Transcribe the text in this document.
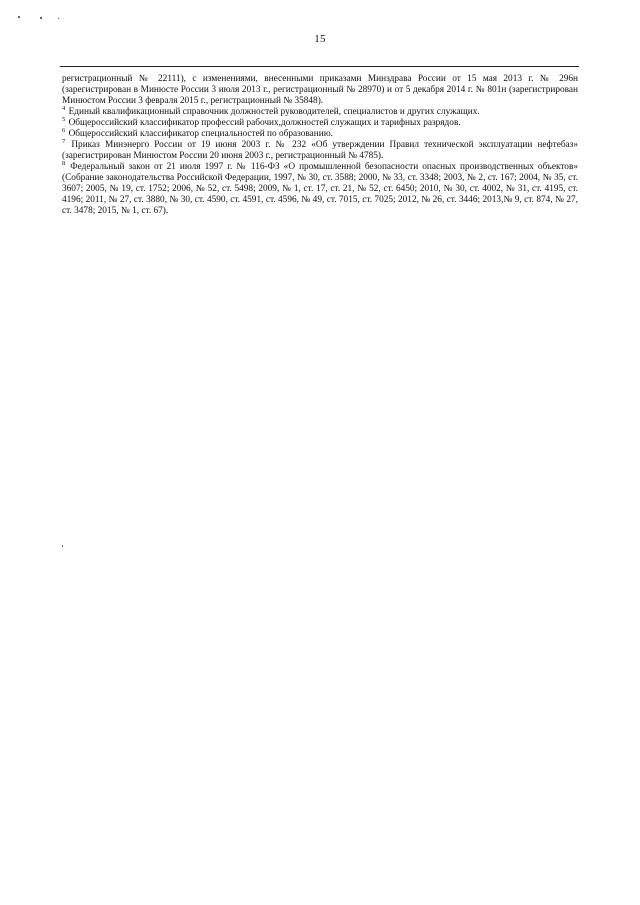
15

регистрационный № 22111), с изменениями, внесенными приказами Минздрава России от 15 мая 2013 г. № 296н (зарегистрирован в Минюсте России 3 июля 2013 г., регистрационный № 28970) и от 5 декабря 2014 г. № 801н (зарегистрирован Минюстом России 3 февраля 2015 г., регистрационный № 35848).

$^4$ Единый квалификационный справочник должностей руководителей, специалистов и других служащих.

$^5$ Общероссийский классификатор профессий рабочих,должностей служащих и тарифных разрядов.

$^6$ Общероссийский классификатор специальностей по образованию.

$^7$ Приказ Минэнерго России от 19 июня 2003 г. № 232 «Об утверждении Правил технической эксплуатации нефтебаз» (зарегистрирован Минюстом России 20 июня 2003 г., регистрационный № 4785).

$^8$ Федеральный закон от 21 июля 1997 г. № 116-ФЗ «О промышленной безопасности опасных производственных объектов» (Собрание законодательства Российской Федерации, 1997, № 30, ст. 3588; 2000, № 33, ст. 3348; 2003, № 2, ст. 167; 2004, № 35, ст. 3607; 2005, № 19, ст. 1752; 2006, № 52, ст. 5498; 2009, № 1, ст. 17, ст. 21, № 52, ст. 6450; 2010, № 30, ст. 4002, № 31, ст. 4195, ст. 4196; 2011, № 27, ст. 3880, № 30, ст. 4590, ст. 4591, ст. 4596, № 49, ст. 7015, ст. 7025; 2012, № 26, ст. 3446; 2013,№ 9, ст. 874, № 27, ст. 3478; 2015, № 1, ст. 67).
